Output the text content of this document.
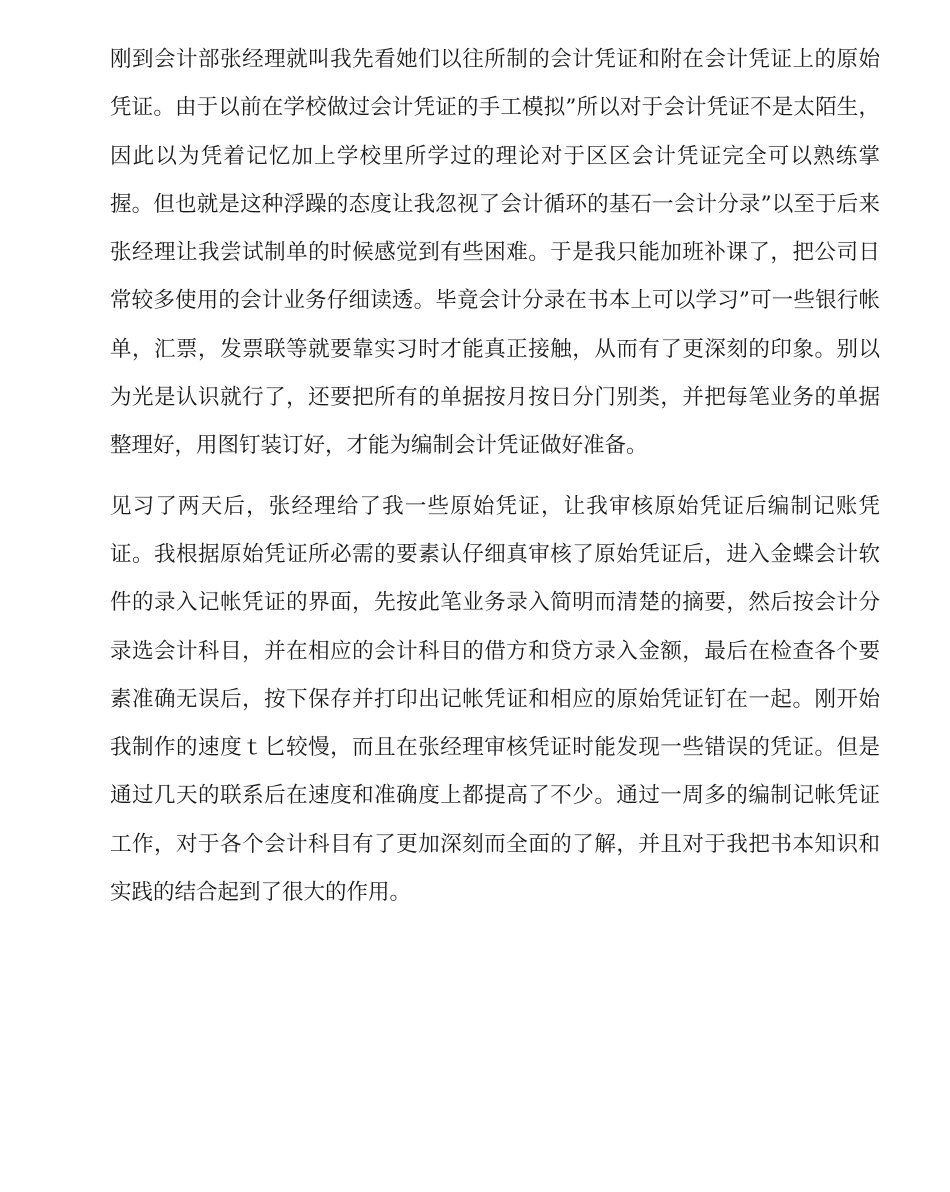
刚到会计部张经理就叫我先看她们以往所制的会计凭证和附在会计凭证上的原始凭证。由于以前在学校做过会计凭证的手工模拟”所以对于会计凭证不是太陌生，因此以为凭着记忆加上学校里所学过的理论对于区区会计凭证完全可以熟练掌握。但也就是这种浮躁的态度让我忽视了会计循环的基石一会计分录”以至于后来张经理让我尝试制单的时候感觉到有些困难。于是我只能加班补课了，把公司日常较多使用的会计业务仔细读透。毕竟会计分录在书本上可以学习”可一些银行帐单，汇票，发票联等就要靠实习时才能真正接触，从而有了更深刻的印象。别以为光是认识就行了，还要把所有的单据按月按日分门别类，并把每笔业务的单据整理好，用图钉装订好，才能为编制会计凭证做好准备。

见习了两天后，张经理给了我一些原始凭证，让我审核原始凭证后编制记账凭证。我根据原始凭证所必需的要素认仔细真审核了原始凭证后，进入金蝶会计软件的录入记帐凭证的界面，先按此笔业务录入简明而清楚的摘要，然后按会计分录选会计科目，并在相应的会计科目的借方和贷方录入金额，最后在检查各个要素准确无误后，按下保存并打印出记帐凭证和相应的原始凭证钉在一起。刚开始我制作的速度ｔ匕较慢，而且在张经理审核凭证时能发现一些错误的凭证。但是通过几天的联系后在速度和准确度上都提高了不少。通过一周多的编制记帐凭证工作，对于各个会计科目有了更加深刻而全面的了解，并且对于我把书本知识和实践的结合起到了很大的作用。
